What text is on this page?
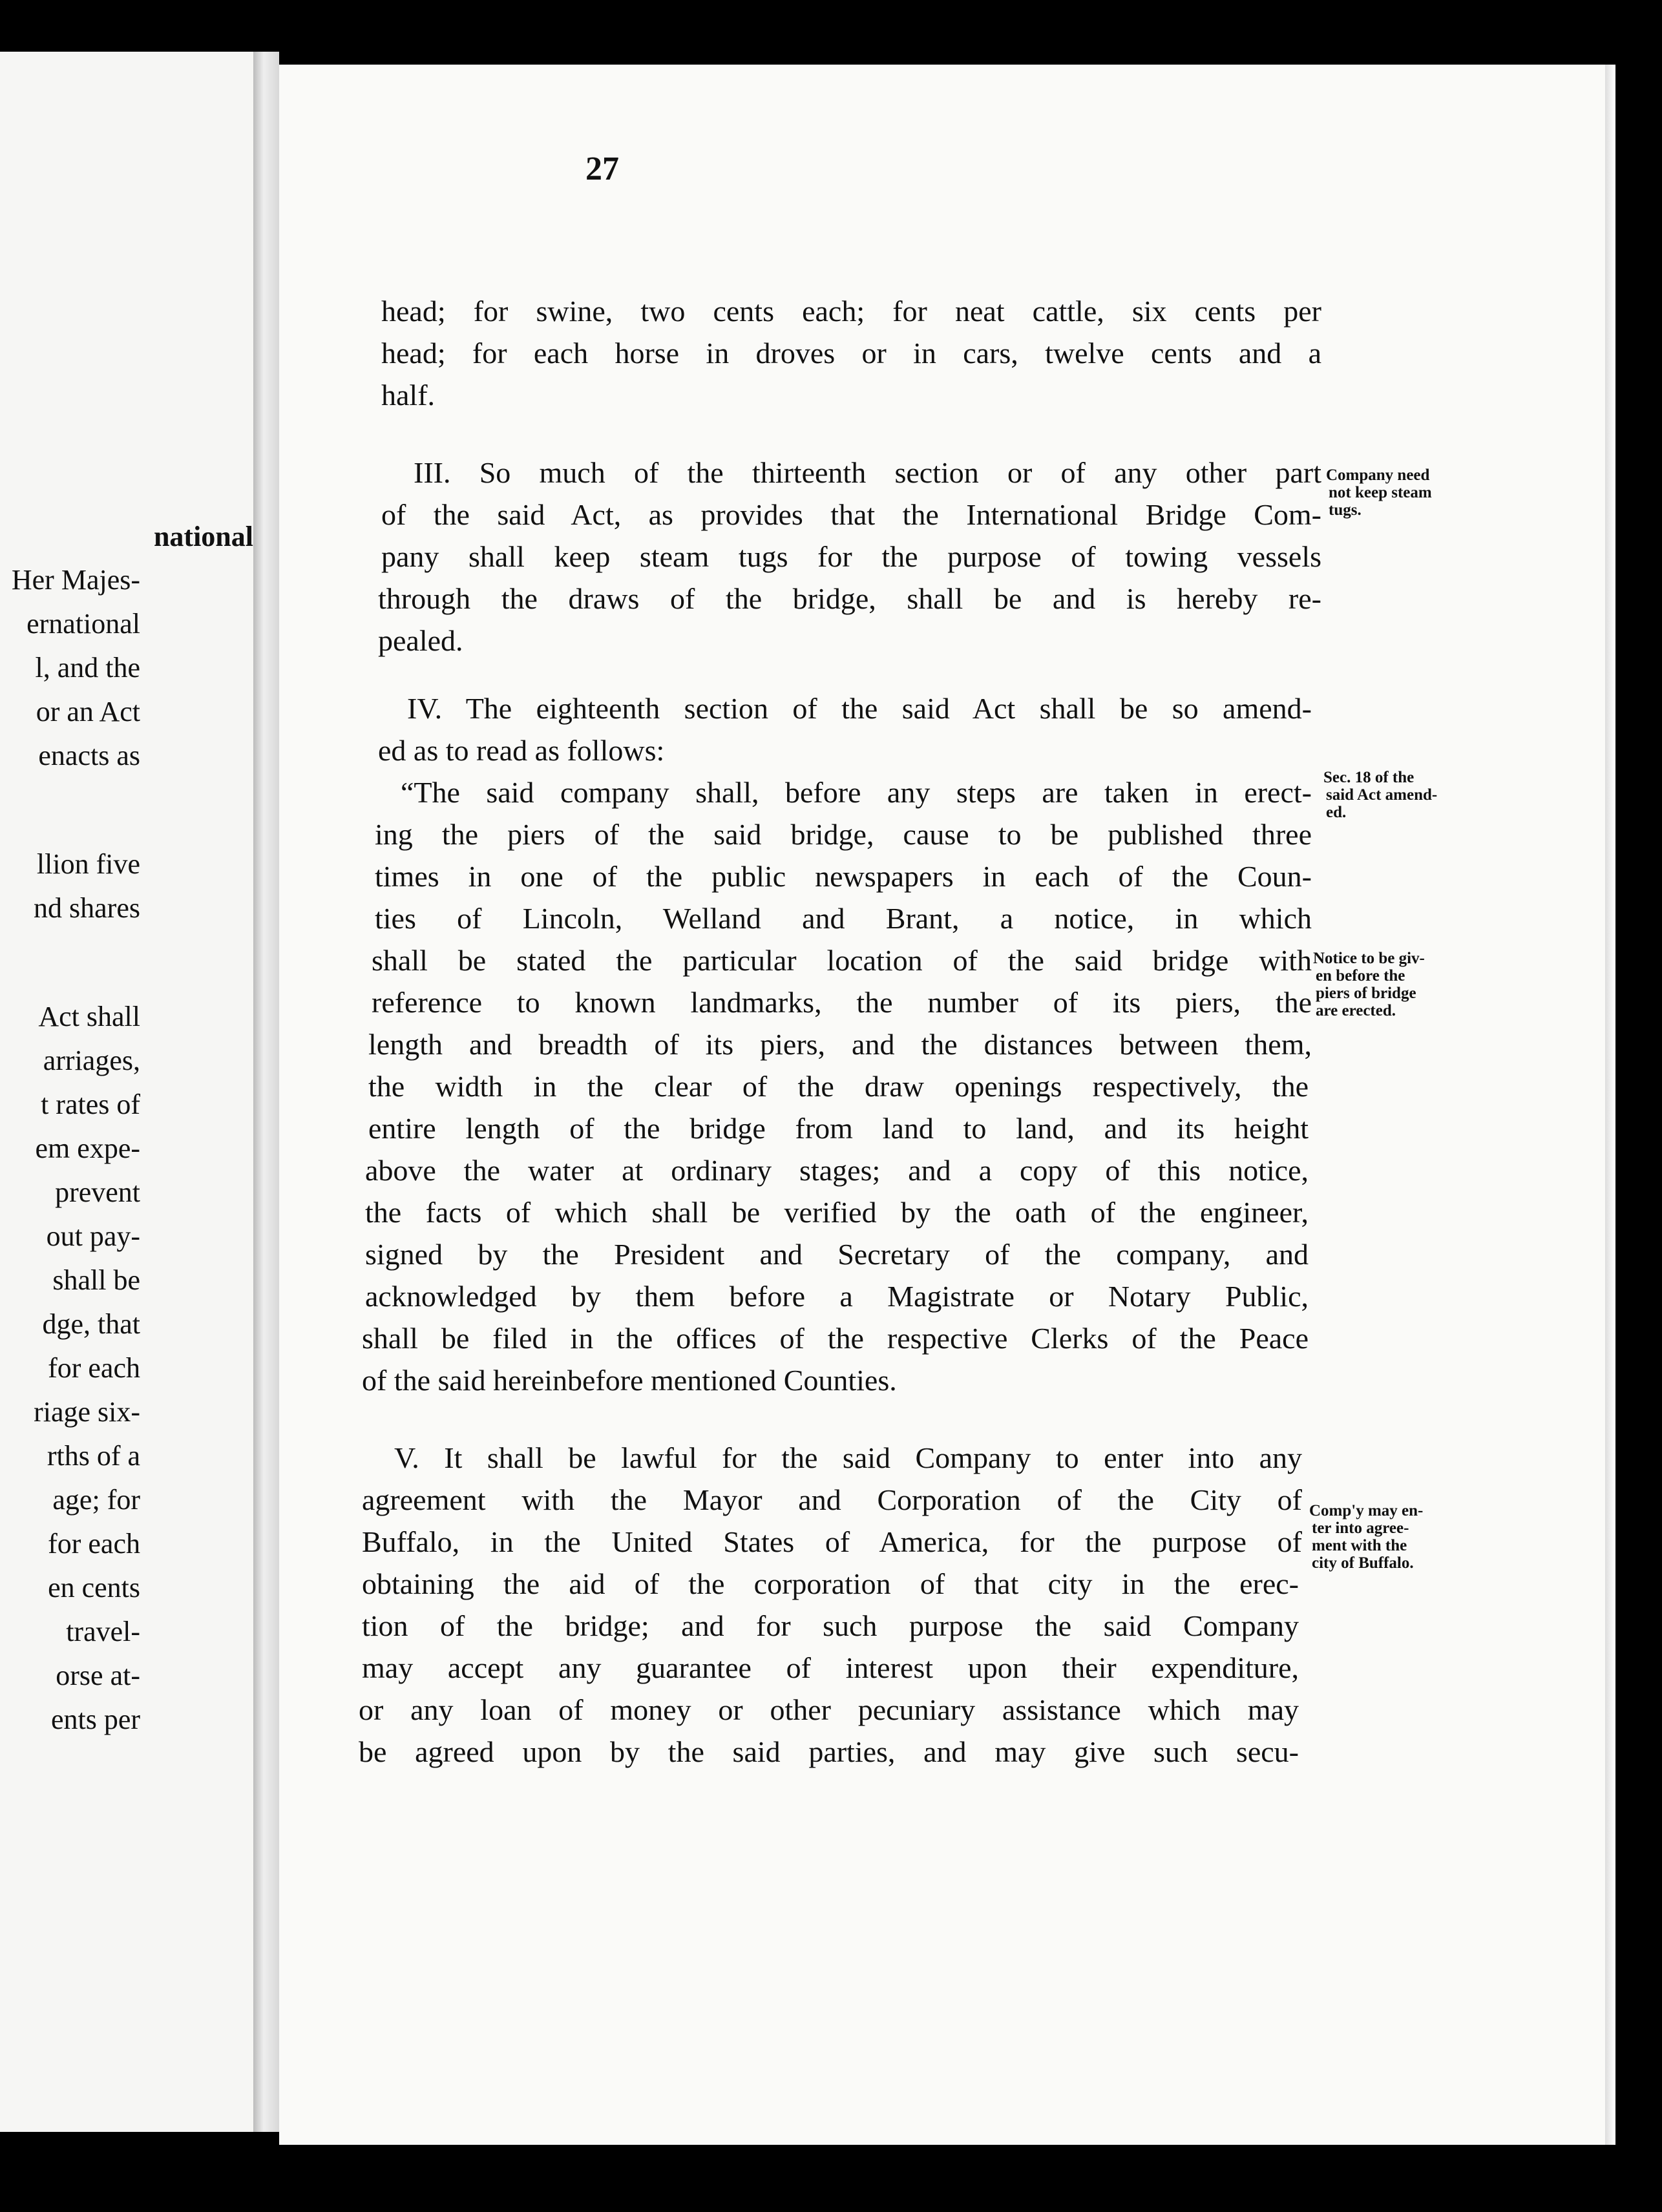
national
Her Majes-
ernational
l, and the
or an Act
enacts as
llion five
nd shares
Act shall
arriages,
t rates of
em expe-
prevent
out pay-
shall be
dge, that
for each
riage six-
rths of a
age; for
for each
en cents
travel-
orse at-
ents per
27
head; for swine, two cents each; for neat cattle, six cents per
head; for each horse in droves or in cars, twelve cents and a
half.
III. So much of the thirteenth section or of any other part
of the said Act, as provides that the International Bridge Com-
pany shall keep steam tugs for the purpose of towing vessels
through the draws of the bridge, shall be and is hereby re-
pealed.
IV. The eighteenth section of the said Act shall be so amend-
ed as to read as follows:
“The said company shall, before any steps are taken in erect-
ing the piers of the said bridge, cause to be published three
times in one of the public newspapers in each of the Coun-
ties of Lincoln, Welland and Brant, a notice, in which
shall be stated the particular location of the said bridge with
reference to known landmarks, the number of its piers, the
length and breadth of its piers, and the distances between them,
the width in the clear of the draw openings respectively, the
entire length of the bridge from land to land, and its height
above the water at ordinary stages; and a copy of this notice,
the facts of which shall be verified by the oath of the engineer,
signed by the President and Secretary of the company, and
acknowledged by them before a Magistrate or Notary Public,
shall be filed in the offices of the respective Clerks of the Peace
of the said hereinbefore mentioned Counties.
V. It shall be lawful for the said Company to enter into any
agreement with the Mayor and Corporation of the City of
Buffalo, in the United States of America, for the purpose of
obtaining the aid of the corporation of that city in the erec-
tion of the bridge; and for such purpose the said Company
may accept any guarantee of interest upon their expenditure,
or any loan of money or other pecuniary assistance which may
be agreed upon by the said parties, and may give such secu-
Company need
not keep steam
tugs.
Sec. 18 of the
said Act amend-
ed.
Notice to be giv-
en before the
piers of bridge
are erected.
Comp'y may en-
ter into agree-
ment with the
city of Buffalo.
